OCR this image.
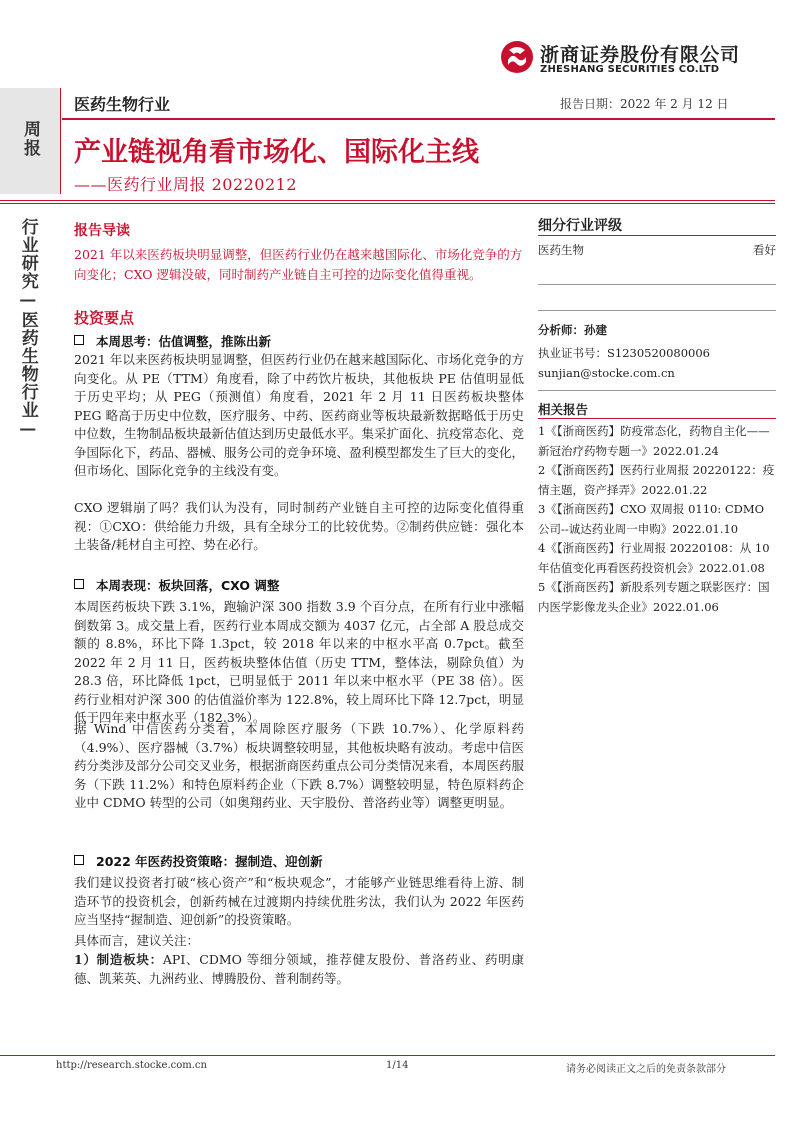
浙商证券股份有限公司
ZHESHANG SECURITIES CO.LTD
周报
行业研究—医药生物行业—
医药生物行业	报告日期：2022 年 2 月 12 日
产业链视角看市场化、国际化主线
——医药行业周报 20220212
报告导读
2021 年以来医药板块明显调整，但医药行业仍在越来越国际化、市场化竞争的方向变化；CXO 逻辑没破，同时制药产业链自主可控的边际变化值得重视。
投资要点
本周思考：估值调整，推陈出新
2021 年以来医药板块明显调整，但医药行业仍在越来越国际化、市场化竞争的方向变化。从 PE（TTM）角度看，除了中药饮片板块，其他板块 PE 估值明显低于历史平均；从 PEG（预测值）角度看，2021 年 2 月 11 日医药板块整体 PEG 略高于历史中位数，医疗服务、中药、医药商业等板块最新数据略低于历史中位数，生物制品板块最新估值达到历史最低水平。集采扩面化、抗疫常态化、竞争国际化下，药品、器械、服务公司的竞争环境、盈利模型都发生了巨大的变化，但市场化、国际化竞争的主线没有变。
CXO 逻辑崩了吗？我们认为没有，同时制药产业链自主可控的边际变化值得重视：①CXO：供给能力升级，具有全球分工的比较优势。②制药供应链：强化本土装备/耗材自主可控、势在必行。
本周表现：板块回落，CXO 调整
本周医药板块下跌 3.1%，跑输沪深 300 指数 3.9 个百分点，在所有行业中涨幅倒数第 3。成交量上看，医药行业本周成交额为 4037 亿元，占全部 A 股总成交额的 8.8%，环比下降 1.3pct，较 2018 年以来的中枢水平高 0.7pct。截至 2022 年 2 月 11 日，医药板块整体估值（历史 TTM，整体法，剔除负值）为 28.3 倍，环比降低 1pct，已明显低于 2011 年以来中枢水平（PE 38 倍）。医药行业相对沪深 300 的估值溢价率为 122.8%，较上周环比下降 12.7pct，明显低于四年来中枢水平（182.3%）。
据 Wind 中信医药分类看，本周除医疗服务（下跌 10.7%）、化学原料药（4.9%）、医疗器械（3.7%）板块调整较明显，其他板块略有波动。考虑中信医药分类涉及部分公司交叉业务，根据浙商医药重点公司分类情况来看，本周医药服务（下跌 11.2%）和特色原料药企业（下跌 8.7%）调整较明显，特色原料药企业中 CDMO 转型的公司（如奥翔药业、天宇股份、普洛药业等）调整更明显。
2022 年医药投资策略：握制造、迎创新
我们建议投资者打破“核心资产”和“板块观念”，才能够产业链思维看待上游、制造环节的投资机会，创新药械在过渡期内持续优胜劣汰，我们认为 2022 年医药应当坚持“握制造、迎创新”的投资策略。
具体而言，建议关注：
1）制造板块：API、CDMO 等细分领域，推荐健友股份、普洛药业、药明康德、凯莱英、九洲药业、博腾股份、普利制药等。
细分行业评级
医药生物	看好
分析师：孙建
执业证书号：S1230520080006
sunjian@stocke.com.cn
相关报告
1《【浙商医药】防疫常态化，药物自主化——新冠治疗药物专题一》2022.01.24
2《【浙商医药】医药行业周报 20220122：疫情主题，资产择弄》2022.01.22
3《【浙商医药】CXO 双周报 0110: CDMO 公司--诚达药业周一申购》2022.01.10
4《【浙商医药】行业周报 20220108：从 10 年估值变化再看医药投资机会》2022.01.08
5《【浙商医药】新股系列专题之联影医疗：国内医学影像龙头企业》2022.01.06
http://research.stocke.com.cn	1/14	请务必阅读正文之后的免责条款部分
